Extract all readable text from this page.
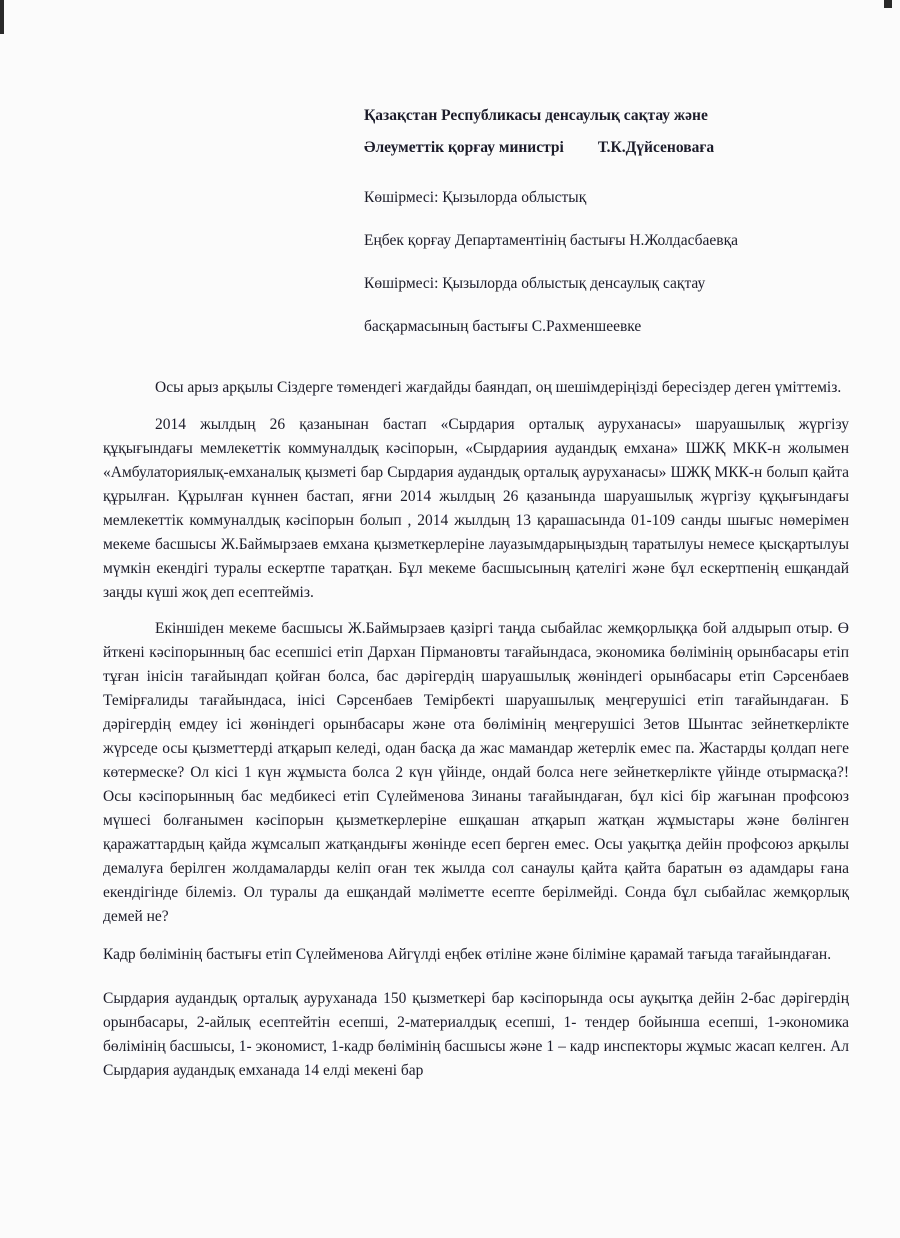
Қазақстан Республикасы денсаулық сақтау және
Әлеуметтік қорғау министрі Т.К.Дүйсеноваға
Көшірмесі: Қызылорда облыстық
Еңбек қорғау Департаментінің бастығы Н.Жолдасбаевқа
Көшірмесі: Қызылорда облыстық денсаулық сақтау
басқармасының бастығы С.Рахменшеевке

Осы арыз арқылы Сіздерге төмендегі жағдайды баяндап, оң шешімдеріңізді бересіздер деген үміттеміз.

2014 жылдың 26 қазанынан бастап «Сырдария орталық ауруханасы» шаруашылық жүргізу құқығындағы мемлекеттік коммуналдық кәсіпорын, «Сырдариия аудандық емхана» ШЖҚ МКК-н жолымен «Амбулаториялық-емханалық қызметі бар Сырдария аудандық орталық ауруханасы» ШЖҚ МКК-н болып қайта құрылған. Құрылған күннен бастап, яғни 2014 жылдың 26 қазанында шаруашылық жүргізу құқығындағы мемлекеттік коммуналдық кәсіпорын болып , 2014 жылдың 13 қарашасында 01-109 санды шығыс нөмерімен мекеме басшысы Ж.Баймырзаев емхана қызметкерлеріне лауазымдарыңыздың таратылуы немесе қысқартылуы мүмкін екендігі туралы ескертпе таратқан. Бұл мекеме басшысының қателігі және бұл ескертпенің ешқандай заңды күші жоқ деп есептейміз.

Екіншіден мекеме басшысы Ж.Баймырзаев қазіргі таңда сыбайлас жемқорлыққа бой алдырып отыр. Ө йткені кәсіпорынның бас есепшісі етіп Дархан Пірмановты тағайындаса, экономика бөлімінің орынбасары етіп тұған інісін тағайындап қойған болса, бас дәрігердің шаруашылық жөніндегі орынбасары етіп Сәрсенбаев Темірғалиды тағайындаса, інісі Сәрсенбаев Темірбекті шаруашылық меңгерушісі етіп тағайындаған. Б дәрігердің емдеу ісі жөніндегі орынбасары және ота бөлімінің меңгерушісі Зетов Шынтас зейнеткерлікте жүрседе осы қызметтерді атқарып келеді, одан басқа да жас мамандар жетерлік емес па. Жастарды қолдап неге көтермеске? Ол кісі 1 күн жұмыста болса 2 күн үйінде, ондай болса неге зейнеткерлікте үйінде отырмасқа?! Осы кәсіпорынның бас медбикесі етіп Сүлейменова Зинаны тағайындаған, бұл кісі бір жағынан профсоюз мүшесі болғанымен кәсіпорын қызметкерлеріне ешқашан атқарып жатқан жұмыстары және бөлінген қаражаттардың қайда жұмсалып жатқандығы жөнінде есеп берген емес. Осы уақытқа дейін профсоюз арқылы демалуға берілген жолдамаларды келіп оған тек жылда сол санаулы қайта қайта баратын өз адамдары ғана екендігінде білеміз. Ол туралы да ешқандай мәліметте есепте берілмейді. Сонда бұл сыбайлас жемқорлық демей не?

Кадр бөлімінің бастығы етіп Сүлейменова Айгүлді еңбек өтіліне және біліміне қарамай тағыда тағайындаған.

Сырдария аудандық орталық ауруханада 150 қызметкері бар кәсіпорында осы ауқытқа дейін 2-бас дәрігердің орынбасары, 2-айлық есептейтін есепші, 2-материалдық есепші, 1- тендер бойынша есепші, 1-экономика бөлімінің басшысы, 1- экономист, 1-кадр бөлімінің басшысы және 1 – кадр инспекторы жұмыс жасап келген. Ал Сырдария аудандық емханада 14 елді мекені бар
